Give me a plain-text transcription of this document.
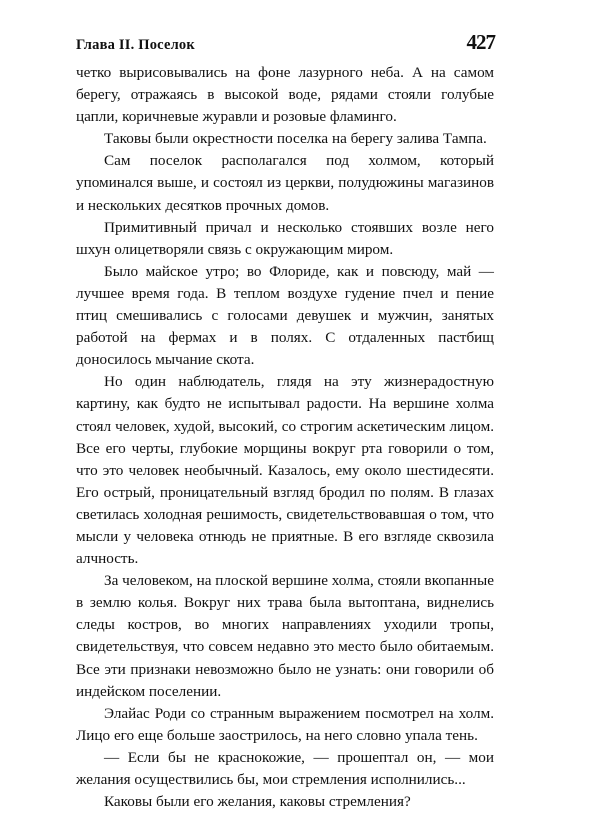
Глава II. Поселок	427

четко вырисовывались на фоне лазурного неба. А на самом берегу, отражаясь в высокой воде, рядами стояли голубые цапли, коричневые журавли и розовые фламинго.

Таковы были окрестности поселка на берегу залива Тампа.

Сам поселок располагался под холмом, который упоминался выше, и состоял из церкви, полудюжины магазинов и нескольких десятков прочных домов.

Примитивный причал и несколько стоявших возле него шхун олицетворяли связь с окружающим миром.

Было майское утро; во Флориде, как и повсюду, май — лучшее время года. В теплом воздухе гудение пчел и пение птиц смешивались с голосами девушек и мужчин, занятых работой на фермах и в полях. С отдаленных пастбищ доносилось мычание скота.

Но один наблюдатель, глядя на эту жизнерадостную картину, как будто не испытывал радости. На вершине холма стоял человек, худой, высокий, со строгим аскетическим лицом. Все его черты, глубокие морщины вокруг рта говорили о том, что это человек необычный. Казалось, ему около шестидесяти. Его острый, проницательный взгляд бродил по полям. В глазах светилась холодная решимость, свидетельствовавшая о том, что мысли у человека отнюдь не приятные. В его взгляде сквозила алчность.

За человеком, на плоской вершине холма, стояли вкопанные в землю колья. Вокруг них трава была вытоптана, виднелись следы костров, во многих направлениях уходили тропы, свидетельствуя, что совсем недавно это место было обитаемым. Все эти признаки невозможно было не узнать: они говорили об индейском поселении.

Элайас Роди со странным выражением посмотрел на холм. Лицо его еще больше заострилось, на него словно упала тень.

— Если бы не краснокожие, — прошептал он, — мои желания осуществились бы, мои стремления исполнились...

Каковы были его желания, каковы стремления?
